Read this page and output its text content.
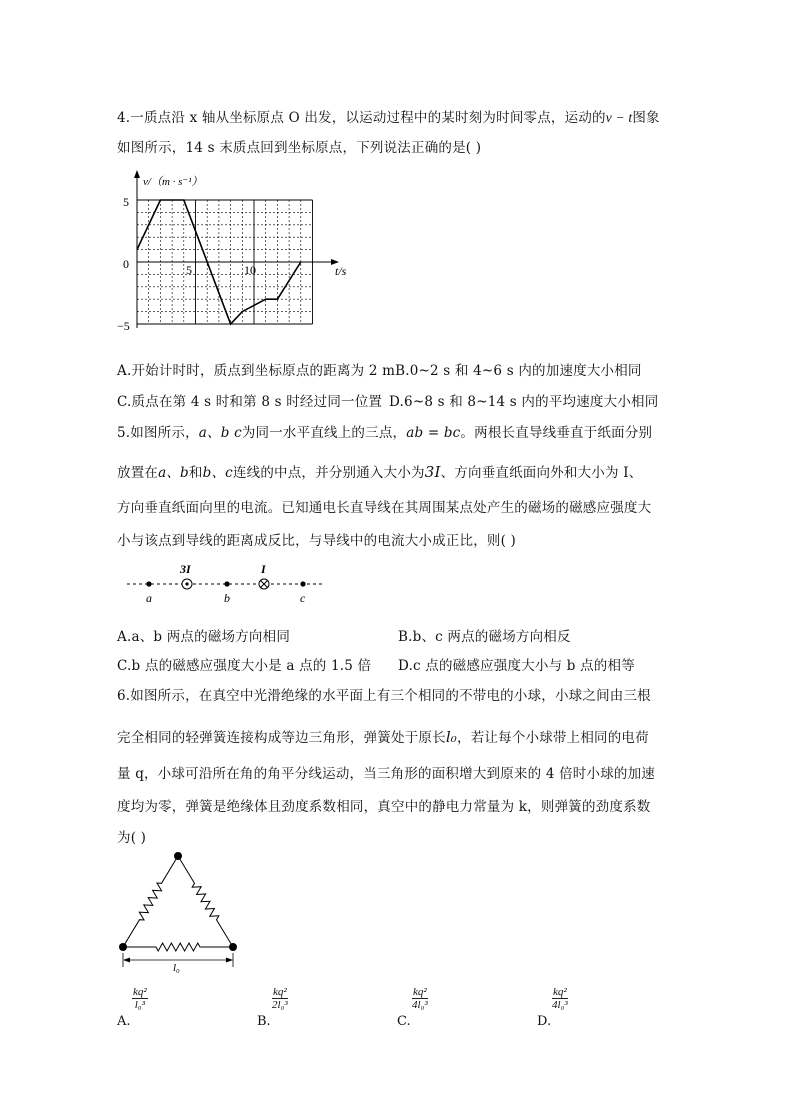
4.一质点沿 x 轴从坐标原点 O 出发，以运动过程中的某时刻为时间零点，运动的v − t图象
如图所示，14 s 末质点回到坐标原点，下列说法正确的是( )
v/（m · s⁻¹）
t/s
5
0
−5
5	10
A.开始计时时，质点到坐标原点的距离为 2 mB.0~2 s 和 4~6 s 内的加速度大小相同
C.质点在第 4 s 时和第 8 s 时经过同一位置 D.6~8 s 和 8~14 s 内的平均速度大小相同
5.如图所示，a、b c为同一水平直线上的三点，ab = bc。两根长直导线垂直于纸面分别
放置在a、b和b、c连线的中点，并分别通入大小为3I、方向垂直纸面向外和大小为 I、
方向垂直纸面向里的电流。已知通电长直导线在其周围某点处产生的磁场的磁感应强度大
小与该点到导线的距离成反比，与导线中的电流大小成正比，则( )
3I	I
a	b	c
A.a、b 两点的磁场方向相同	B.b、c 两点的磁场方向相反
C.b 点的磁感应强度大小是 a 点的 1.5 倍 D.c 点的磁感应强度大小与 b 点的相等
6.如图所示，在真空中光滑绝缘的水平面上有三个相同的不带电的小球，小球之间由三根
完全相同的轻弹簧连接构成等边三角形，弹簧处于原长l₀，若让每个小球带上相同的电荷
量 q，小球可沿所在角的角平分线运动，当三角形的面积增大到原来的 4 倍时小球的加速
度均为零，弹簧是绝缘体且劲度系数相同，真空中的静电力常量为 k，则弹簧的劲度系数
为( )
l₀
A.
$\frac{\text{kq²}}{\text{l₀³}}$
B.
$\frac{\text{kq²}}{\text{2l₀³}}$
C.
$\frac{\text{kq²}}{\text{4l₀³}}$
D.
$\frac{\text{kq²}}{\text{4l₀³}}$
